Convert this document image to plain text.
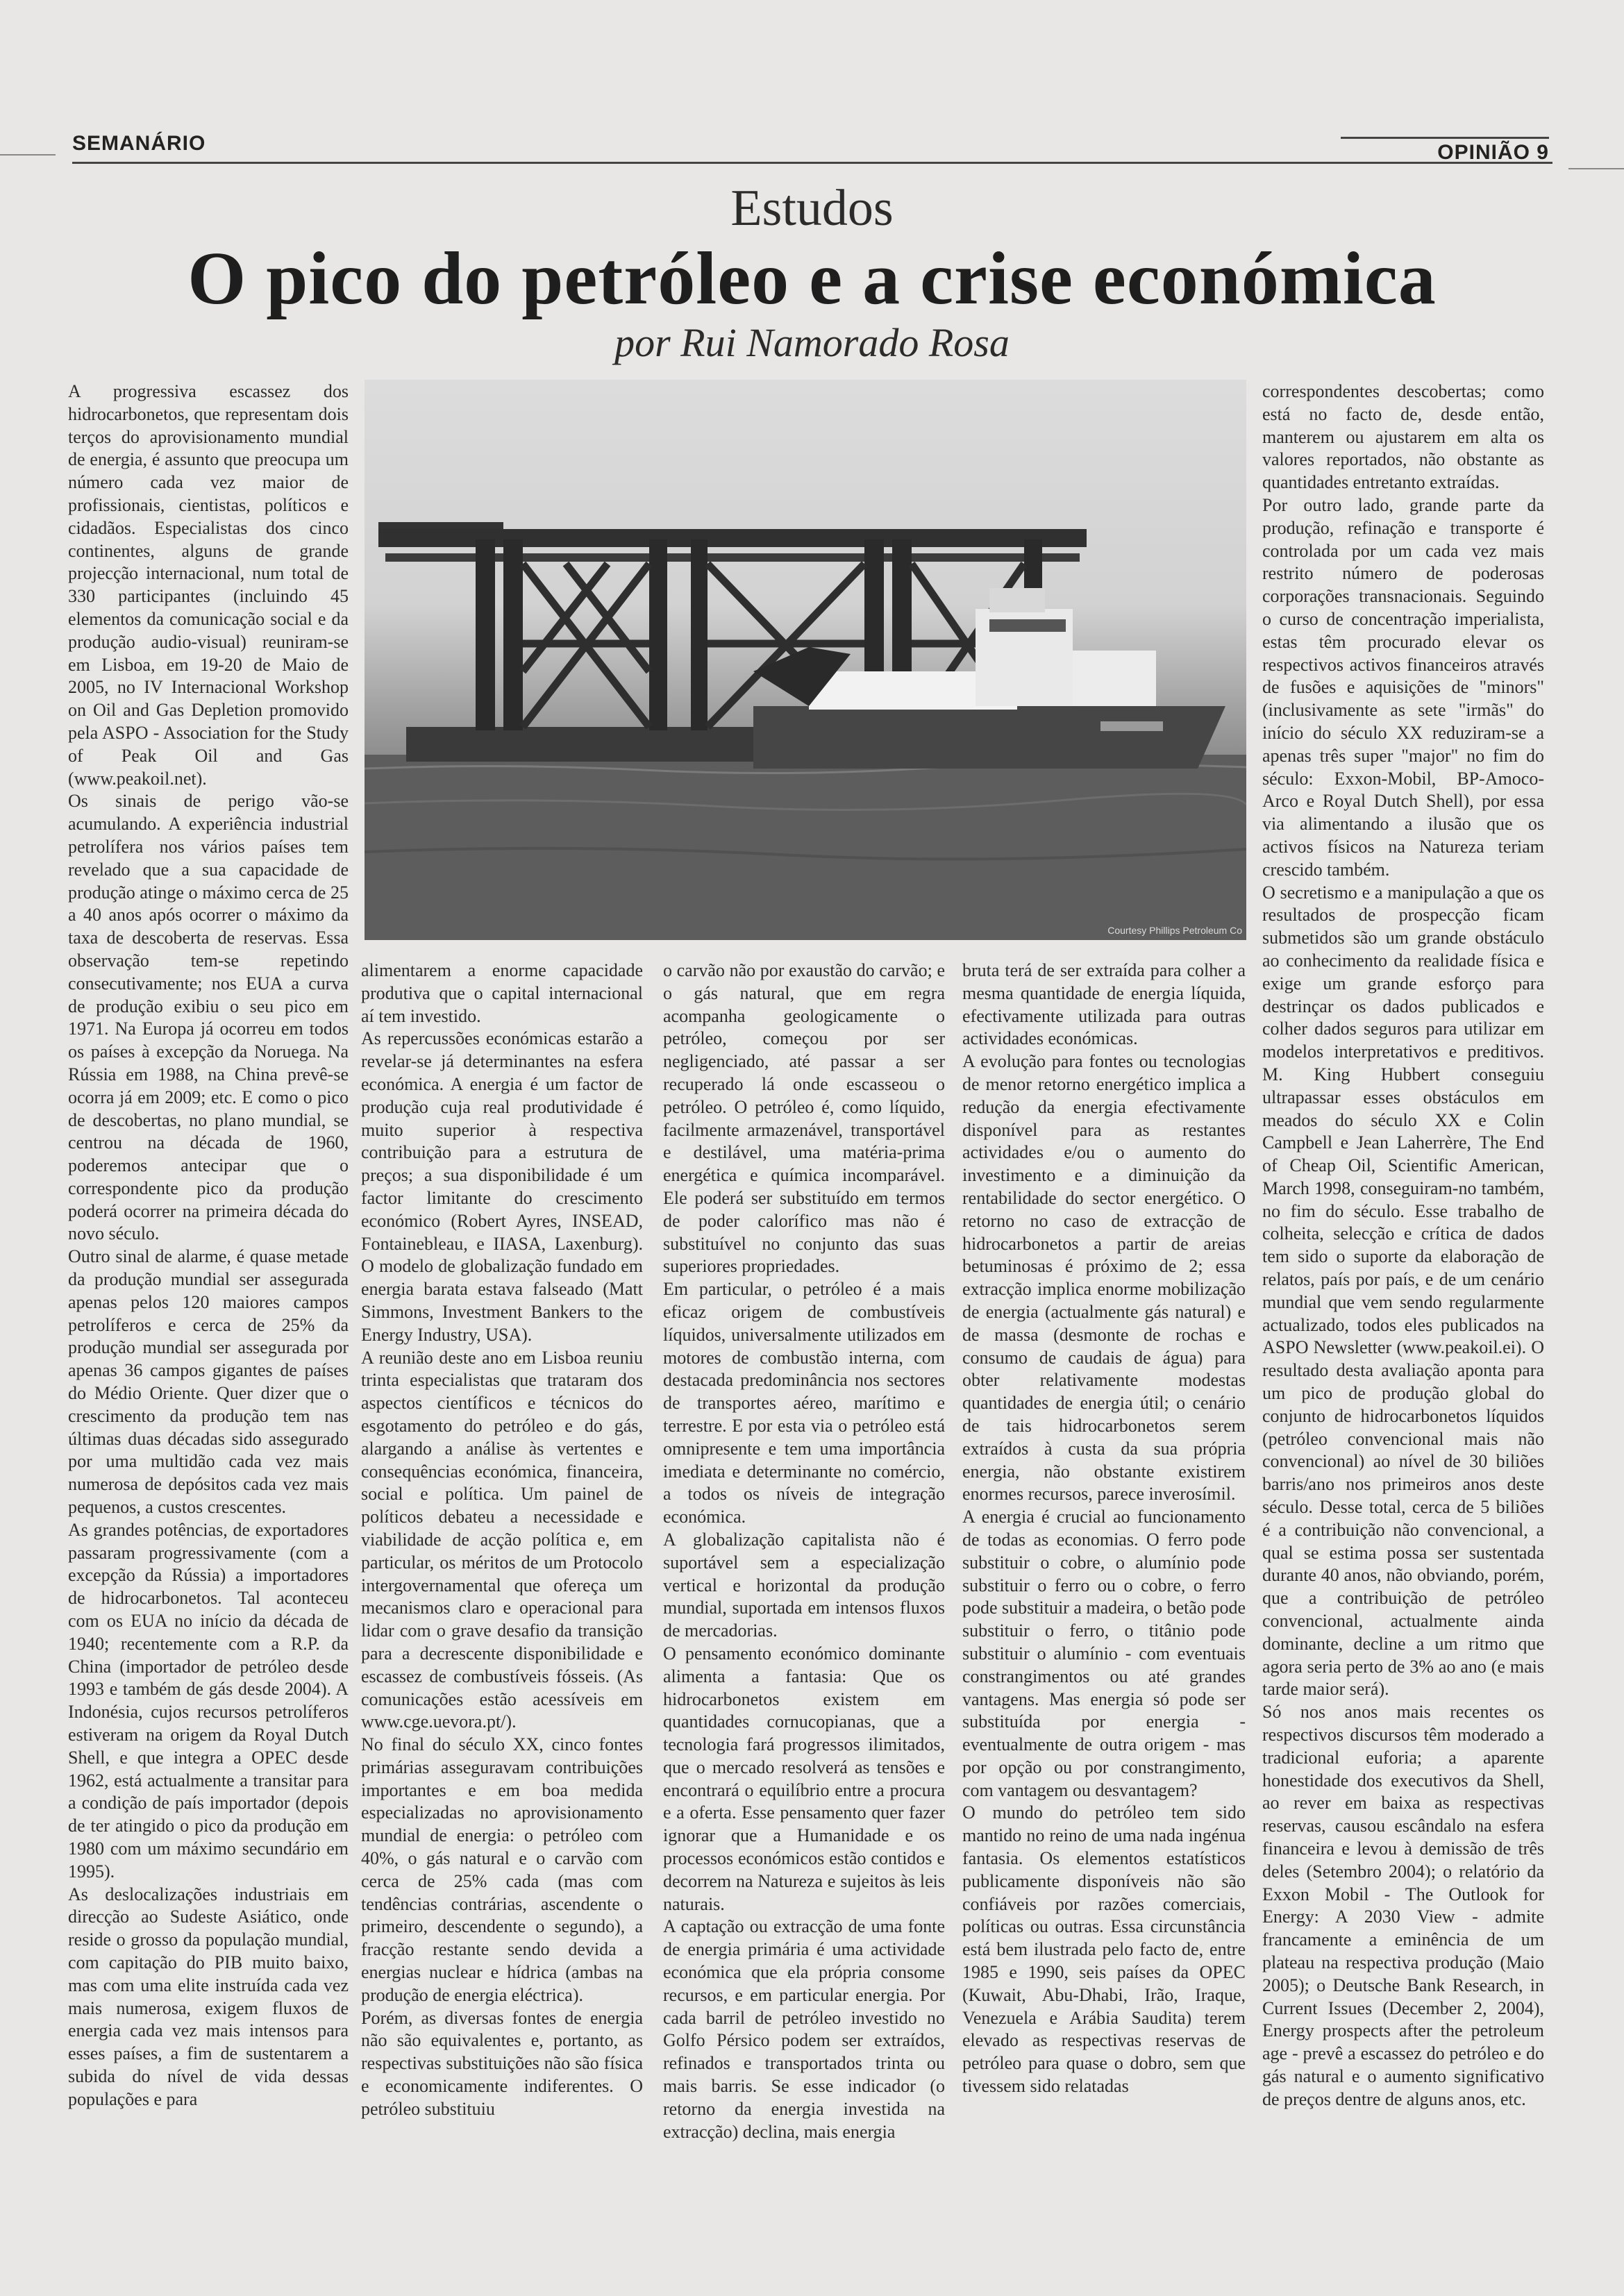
SEMANÁRIO	OPINIÃO 9
Estudos
O pico do petróleo e a crise económica
por Rui Namorado Rosa
Courtesy Phillips Petroleum Co

A progressiva escassez dos hidrocarbonetos, que representam dois terços do aprovisionamento mundial de energia, é assunto que preocupa um número cada vez maior de profissionais, cientistas, políticos e cidadãos. Especialistas dos cinco continentes, alguns de grande projecção internacional, num total de 330 participantes (incluindo 45 elementos da comunicação social e da produção audio-visual) reuniram-se em Lisboa, em 19-20 de Maio de 2005, no IV Internacional Workshop on Oil and Gas Depletion promovido pela ASPO - Association for the Study of Peak Oil and Gas (www.peakoil.net).

Os sinais de perigo vão-se acumulando. A experiência industrial petrolífera nos vários países tem revelado que a sua capacidade de produção atinge o máximo cerca de 25 a 40 anos após ocorrer o máximo da taxa de descoberta de reservas. Essa observação tem-se repetindo consecutivamente; nos EUA a curva de produção exibiu o seu pico em 1971. Na Europa já ocorreu em todos os países à excepção da Noruega. Na Rússia em 1988, na China prevê-se ocorra já em 2009; etc. E como o pico de descobertas, no plano mundial, se centrou na década de 1960, poderemos antecipar que o correspondente pico da produção poderá ocorrer na primeira década do novo século.

Outro sinal de alarme, é quase metade da produção mundial ser assegurada apenas pelos 120 maiores campos petrolíferos e cerca de 25% da produção mundial ser assegurada por apenas 36 campos gigantes de países do Médio Oriente. Quer dizer que o crescimento da produção tem nas últimas duas décadas sido assegurado por uma multidão cada vez mais numerosa de depósitos cada vez mais pequenos, a custos crescentes.

As grandes potências, de exportadores passaram progressivamente (com a excepção da Rússia) a importadores de hidrocarbonetos. Tal aconteceu com os EUA no início da década de 1940; recentemente com a R.P. da China (importador de petróleo desde 1993 e também de gás desde 2004). A Indonésia, cujos recursos petrolíferos estiveram na origem da Royal Dutch Shell, e que integra a OPEC desde 1962, está actualmente a transitar para a condição de país importador (depois de ter atingido o pico da produção em 1980 com um máximo secundário em 1995).

As deslocalizações industriais em direcção ao Sudeste Asiático, onde reside o grosso da população mundial, com capitação do PIB muito baixo, mas com uma elite instruída cada vez mais numerosa, exigem fluxos de energia cada vez mais intensos para esses países, a fim de sustentarem a subida do nível de vida dessas populações e para

alimentarem a enorme capacidade produtiva que o capital internacional aí tem investido.

As repercussões económicas estarão a revelar-se já determinantes na esfera económica. A energia é um factor de produção cuja real produtividade é muito superior à respectiva contribuição para a estrutura de preços; a sua disponibilidade é um factor limitante do crescimento económico (Robert Ayres, INSEAD, Fontainebleau, e IIASA, Laxenburg). O modelo de globalização fundado em energia barata estava falseado (Matt Simmons, Investment Bankers to the Energy Industry, USA).

A reunião deste ano em Lisboa reuniu trinta especialistas que trataram dos aspectos científicos e técnicos do esgotamento do petróleo e do gás, alargando a análise às vertentes e consequências económica, financeira, social e política. Um painel de políticos debateu a necessidade e viabilidade de acção política e, em particular, os méritos de um Protocolo intergovernamental que ofereça um mecanismos claro e operacional para lidar com o grave desafio da transição para a decrescente disponibilidade e escassez de combustíveis fósseis. (As comunicações estão acessíveis em www.cge.uevora.pt/).

No final do século XX, cinco fontes primárias asseguravam contribuições importantes e em boa medida especializadas no aprovisionamento mundial de energia: o petróleo com 40%, o gás natural e o carvão com cerca de 25% cada (mas com tendências contrárias, ascendente o primeiro, descendente o segundo), a fracção restante sendo devida a energias nuclear e hídrica (ambas na produção de energia eléctrica).

Porém, as diversas fontes de energia não são equivalentes e, portanto, as respectivas substituições não são física e economicamente indiferentes. O petróleo substituiu

o carvão não por exaustão do carvão; e o gás natural, que em regra acompanha geologicamente o petróleo, começou por ser negligenciado, até passar a ser recuperado lá onde escasseou o petróleo. O petróleo é, como líquido, facilmente armazenável, transportável e destilável, uma matéria-prima energética e química incomparável. Ele poderá ser substituído em termos de poder calorífico mas não é substituível no conjunto das suas superiores propriedades.

Em particular, o petróleo é a mais eficaz origem de combustíveis líquidos, universalmente utilizados em motores de combustão interna, com destacada predominância nos sectores de transportes aéreo, marítimo e terrestre. E por esta via o petróleo está omnipresente e tem uma importância imediata e determinante no comércio, a todos os níveis de integração económica.

A globalização capitalista não é suportável sem a especialização vertical e horizontal da produção mundial, suportada em intensos fluxos de mercadorias.

O pensamento económico dominante alimenta a fantasia: Que os hidrocarbonetos existem em quantidades cornucopianas, que a tecnologia fará progressos ilimitados, que o mercado resolverá as tensões e encontrará o equilíbrio entre a procura e a oferta. Esse pensamento quer fazer ignorar que a Humanidade e os processos económicos estão contidos e decorrem na Natureza e sujeitos às leis naturais.

A captação ou extracção de uma fonte de energia primária é uma actividade económica que ela própria consome recursos, e em particular energia. Por cada barril de petróleo investido no Golfo Pérsico podem ser extraídos, refinados e transportados trinta ou mais barris. Se esse indicador (o retorno da energia investida na extracção) declina, mais energia

bruta terá de ser extraída para colher a mesma quantidade de energia líquida, efectivamente utilizada para outras actividades económicas.

A evolução para fontes ou tecnologias de menor retorno energético implica a redução da energia efectivamente disponível para as restantes actividades e/ou o aumento do investimento e a diminuição da rentabilidade do sector energético. O retorno no caso de extracção de hidrocarbonetos a partir de areias betuminosas é próximo de 2; essa extracção implica enorme mobilização de energia (actualmente gás natural) e de massa (desmonte de rochas e consumo de caudais de água) para obter relativamente modestas quantidades de energia útil; o cenário de tais hidrocarbonetos serem extraídos à custa da sua própria energia, não obstante existirem enormes recursos, parece inverosímil.

A energia é crucial ao funcionamento de todas as economias. O ferro pode substituir o cobre, o alumínio pode substituir o ferro ou o cobre, o ferro pode substituir a madeira, o betão pode substituir o ferro, o titânio pode substituir o alumínio - com eventuais constrangimentos ou até grandes vantagens. Mas energia só pode ser substituída por energia - eventualmente de outra origem - mas por opção ou por constrangimento, com vantagem ou desvantagem?

O mundo do petróleo tem sido mantido no reino de uma nada ingénua fantasia. Os elementos estatísticos publicamente disponíveis não são confiáveis por razões comerciais, políticas ou outras. Essa circunstância está bem ilustrada pelo facto de, entre 1985 e 1990, seis países da OPEC (Kuwait, Abu-Dhabi, Irão, Iraque, Venezuela e Arábia Saudita) terem elevado as respectivas reservas de petróleo para quase o dobro, sem que tivessem sido relatadas

correspondentes descobertas; como está no facto de, desde então, manterem ou ajustarem em alta os valores reportados, não obstante as quantidades entretanto extraídas.

Por outro lado, grande parte da produção, refinação e transporte é controlada por um cada vez mais restrito número de poderosas corporações transnacionais. Seguindo o curso de concentração imperialista, estas têm procurado elevar os respectivos activos financeiros através de fusões e aquisições de "minors" (inclusivamente as sete "irmãs" do início do século XX reduziram-se a apenas três super "major" no fim do século: Exxon-Mobil, BP-Amoco-Arco e Royal Dutch Shell), por essa via alimentando a ilusão que os activos físicos na Natureza teriam crescido também.

O secretismo e a manipulação a que os resultados de prospecção ficam submetidos são um grande obstáculo ao conhecimento da realidade física e exige um grande esforço para destrinçar os dados publicados e colher dados seguros para utilizar em modelos interpretativos e preditivos. M. King Hubbert conseguiu ultrapassar esses obstáculos em meados do século XX e Colin Campbell e Jean Laherrère, The End of Cheap Oil, Scientific American, March 1998, conseguiram-no também, no fim do século. Esse trabalho de colheita, selecção e crítica de dados tem sido o suporte da elaboração de relatos, país por país, e de um cenário mundial que vem sendo regularmente actualizado, todos eles publicados na ASPO Newsletter (www.peakoil.ei). O resultado desta avaliação aponta para um pico de produção global do conjunto de hidrocarbonetos líquidos (petróleo convencional mais não convencional) ao nível de 30 biliões barris/ano nos primeiros anos deste século. Desse total, cerca de 5 biliões é a contribuição não convencional, a qual se estima possa ser sustentada durante 40 anos, não obviando, porém, que a contribuição de petróleo convencional, actualmente ainda dominante, decline a um ritmo que agora seria perto de 3% ao ano (e mais tarde maior será).

Só nos anos mais recentes os respectivos discursos têm moderado a tradicional euforia; a aparente honestidade dos executivos da Shell, ao rever em baixa as respectivas reservas, causou escândalo na esfera financeira e levou à demissão de três deles (Setembro 2004); o relatório da Exxon Mobil - The Outlook for Energy: A 2030 View - admite francamente a eminência de um plateau na respectiva produção (Maio 2005); o Deutsche Bank Research, in Current Issues (December 2, 2004), Energy prospects after the petroleum age - prevê a escassez do petróleo e do gás natural e o aumento significativo de preços dentre de alguns anos, etc.
